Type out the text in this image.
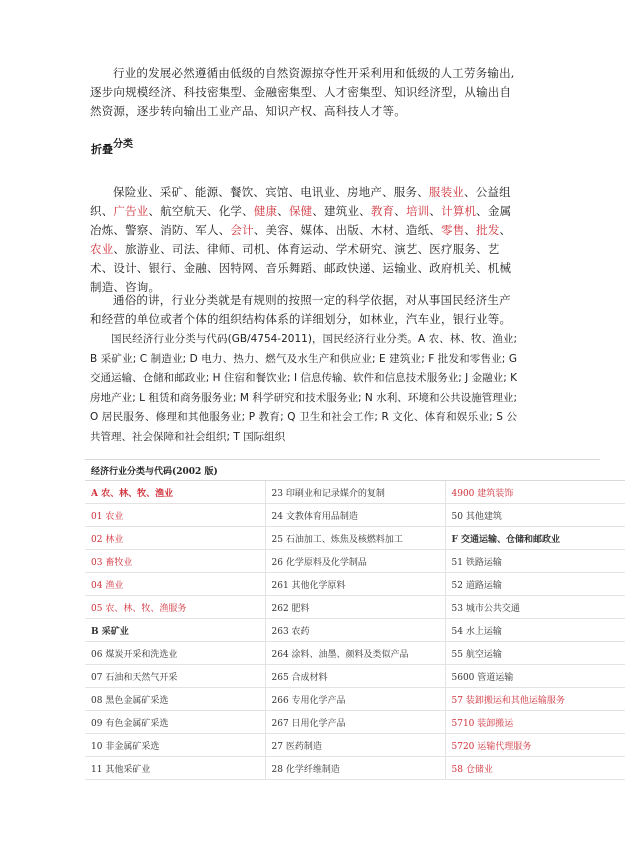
行业的发展必然遵循由低级的自然资源掠夺性开采利用和低级的人工劳务输出,逐步向规模经济、科技密集型、金融密集型、人才密集型、知识经济型，从输出自然资源，逐步转向输出工业产品、知识产权、高科技人才等。

折叠分类

保险业、采矿、能源、餐饮、宾馆、电讯业、房地产、服务、服装业、公益组织、广告业、航空航天、化学、健康、保健、建筑业、教育、培训、计算机、金属冶炼、警察、消防、军人、会计、美容、媒体、出版、木材、造纸、零售、批发、农业、旅游业、司法、律师、司机、体育运动、学术研究、演艺、医疗服务、艺术、设计、银行、金融、因特网、音乐舞蹈、邮政快递、运输业、政府机关、机械制造、咨询。

通俗的讲，行业分类就是有规则的按照一定的科学依据，对从事国民经济生产和经营的单位或者个体的组织结构体系的详细划分，如林业，汽车业，银行业等。

国民经济行业分类与代码(GB/4754-2011)，国民经济行业分类。A 农、林、牧、渔业; B 采矿业; C 制造业; D 电力、热力、燃气及水生产和供应业; E 建筑业; F 批发和零售业; G 交通运输、仓储和邮政业; H 住宿和餐饮业; I 信息传输、软件和信息技术服务业; J 金融业; K 房地产业; L 租赁和商务服务业; M 科学研究和技术服务业; N 水利、环境和公共设施管理业; O 居民服务、修理和其他服务业; P 教育; Q 卫生和社会工作; R 文化、体育和娱乐业; S 公共管理、社会保障和社会组织; T 国际组织

经济行业分类与代码(2002 版)		
A 农、林、牧、渔业	23 印刷业和记录媒介的复制	4900 建筑装饰
01 农业	24 文教体育用品制造	50 其他建筑
02 林业	25 石油加工、炼焦及核燃料加工	F 交通运输、仓储和邮政业
03 畜牧业	26 化学原料及化学制品	51 铁路运输
04 渔业	261 其他化学原料	52 道路运输
05 农、林、牧、渔服务	262 肥料	53 城市公共交通
B 采矿业	263 农药	54 水上运输
06 煤炭开采和洗选业	264 涂料、油墨、颜料及类似产品	55 航空运输
07 石油和天然气开采	265 合成材料	5600 管道运输
08 黑色金属矿采选	266 专用化学产品	57 装卸搬运和其他运输服务
09 有色金属矿采选	267 日用化学产品	5710 装卸搬运
10 非金属矿采选	27 医药制造	5720 运输代理服务
11 其他采矿业	28 化学纤维制造	58 仓储业
